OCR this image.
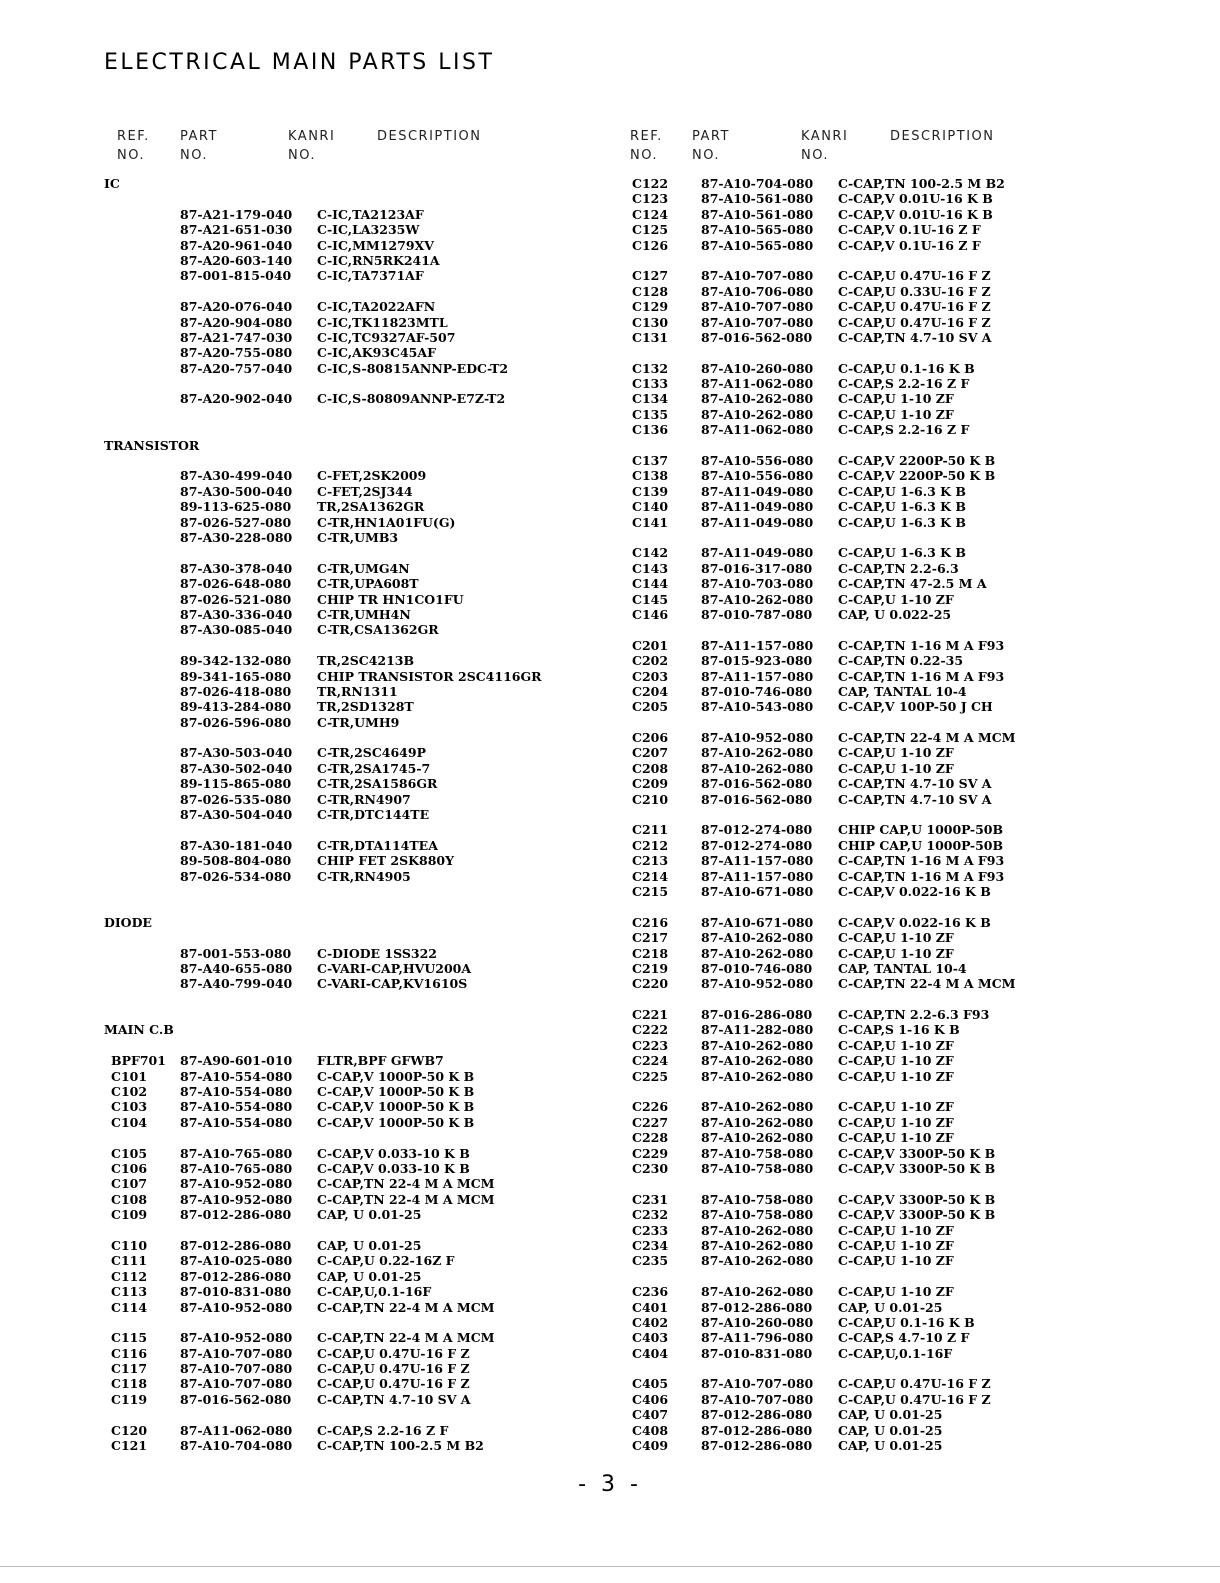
ELECTRICAL MAIN PARTS LIST
REF. PART	KANRI	DESCRIPTION
NO.	NO.	NO.
REF. PART	KANRI	DESCRIPTION
NO.	NO.	NO.
IC
87-A21-179-040 C-IC,TA2123AF
87-A21-651-030 C-IC,LA3235W
87-A20-961-040 C-IC,MM1279XV
87-A20-603-140 C-IC,RN5RK241A
87-001-815-040 C-IC,TA7371AF
87-A20-076-040 C-IC,TA2022AFN
87-A20-904-080 C-IC,TK11823MTL
87-A21-747-030 C-IC,TC9327AF-507
87-A20-755-080 C-IC,AK93C45AF
87-A20-757-040 C-IC,S-80815ANNP-EDC-T2
87-A20-902-040 C-IC,S-80809ANNP-E7Z-T2
TRANSISTOR
87-A30-499-040 C-FET,2SK2009
87-A30-500-040 C-FET,2SJ344
89-113-625-080 TR,2SA1362GR
87-026-527-080 C-TR,HN1A01FU(G)
87-A30-228-080 C-TR,UMB3
87-A30-378-040 C-TR,UMG4N
87-026-648-080 C-TR,UPA608T
87-026-521-080 CHIP TR HN1CO1FU
87-A30-336-040 C-TR,UMH4N
87-A30-085-040 C-TR,CSA1362GR
89-342-132-080 TR,2SC4213B
89-341-165-080 CHIP TRANSISTOR 2SC4116GR
87-026-418-080 TR,RN1311
89-413-284-080 TR,2SD1328T
87-026-596-080 C-TR,UMH9
87-A30-503-040 C-TR,2SC4649P
87-A30-502-040 C-TR,2SA1745-7
89-115-865-080 C-TR,2SA1586GR
87-026-535-080 C-TR,RN4907
87-A30-504-040 C-TR,DTC144TE
87-A30-181-040 C-TR,DTA114TEA
89-508-804-080 CHIP FET 2SK880Y
87-026-534-080 C-TR,RN4905
DIODE
87-001-553-080 C-DIODE 1SS322
87-A40-655-080 C-VARI-CAP,HVU200A
87-A40-799-040 C-VARI-CAP,KV1610S
MAIN C.B
BPF701 87-A90-601-010 FLTR,BPF GFWB7
C101	87-A10-554-080 C-CAP,V 1000P-50 K B
C102	87-A10-554-080 C-CAP,V 1000P-50 K B
C103	87-A10-554-080 C-CAP,V 1000P-50 K B
C104	87-A10-554-080 C-CAP,V 1000P-50 K B
C105	87-A10-765-080 C-CAP,V 0.033-10 K B
C106	87-A10-765-080 C-CAP,V 0.033-10 K B
C107	87-A10-952-080 C-CAP,TN 22-4 M A MCM
C108	87-A10-952-080 C-CAP,TN 22-4 M A MCM
C109	87-012-286-080 CAP, U 0.01-25
C110	87-012-286-080 CAP, U 0.01-25
C111	87-A10-025-080 C-CAP,U 0.22-16Z F
C112	87-012-286-080 CAP, U 0.01-25
C113	87-010-831-080 C-CAP,U,0.1-16F
C114	87-A10-952-080 C-CAP,TN 22-4 M A MCM
C115	87-A10-952-080 C-CAP,TN 22-4 M A MCM
C116	87-A10-707-080 C-CAP,U 0.47U-16 F Z
C117	87-A10-707-080 C-CAP,U 0.47U-16 F Z
C118	87-A10-707-080 C-CAP,U 0.47U-16 F Z
C119	87-016-562-080 C-CAP,TN 4.7-10 SV A
C120	87-A11-062-080 C-CAP,S 2.2-16 Z F
C121	87-A10-704-080 C-CAP,TN 100-2.5 M B2
C122	87-A10-704-080 C-CAP,TN 100-2.5 M B2
C123	87-A10-561-080 C-CAP,V 0.01U-16 K B
C124	87-A10-561-080 C-CAP,V 0.01U-16 K B
C125	87-A10-565-080 C-CAP,V 0.1U-16 Z F
C126	87-A10-565-080 C-CAP,V 0.1U-16 Z F
C127	87-A10-707-080 C-CAP,U 0.47U-16 F Z
C128	87-A10-706-080 C-CAP,U 0.33U-16 F Z
C129	87-A10-707-080 C-CAP,U 0.47U-16 F Z
C130	87-A10-707-080 C-CAP,U 0.47U-16 F Z
C131	87-016-562-080 C-CAP,TN 4.7-10 SV A
C132	87-A10-260-080 C-CAP,U 0.1-16 K B
C133	87-A11-062-080 C-CAP,S 2.2-16 Z F
C134	87-A10-262-080 C-CAP,U 1-10 ZF
C135	87-A10-262-080 C-CAP,U 1-10 ZF
C136	87-A11-062-080 C-CAP,S 2.2-16 Z F
C137	87-A10-556-080 C-CAP,V 2200P-50 K B
C138	87-A10-556-080 C-CAP,V 2200P-50 K B
C139	87-A11-049-080 C-CAP,U 1-6.3 K B
C140	87-A11-049-080 C-CAP,U 1-6.3 K B
C141	87-A11-049-080 C-CAP,U 1-6.3 K B
C142	87-A11-049-080 C-CAP,U 1-6.3 K B
C143	87-016-317-080 C-CAP,TN 2.2-6.3
C144	87-A10-703-080 C-CAP,TN 47-2.5 M A
C145	87-A10-262-080 C-CAP,U 1-10 ZF
C146	87-010-787-080 CAP, U 0.022-25
C201	87-A11-157-080 C-CAP,TN 1-16 M A F93
C202	87-015-923-080 C-CAP,TN 0.22-35
C203	87-A11-157-080 C-CAP,TN 1-16 M A F93
C204	87-010-746-080 CAP, TANTAL 10-4
C205	87-A10-543-080 C-CAP,V 100P-50 J CH
C206	87-A10-952-080 C-CAP,TN 22-4 M A MCM
C207	87-A10-262-080 C-CAP,U 1-10 ZF
C208	87-A10-262-080 C-CAP,U 1-10 ZF
C209	87-016-562-080 C-CAP,TN 4.7-10 SV A
C210	87-016-562-080 C-CAP,TN 4.7-10 SV A
C211	87-012-274-080 CHIP CAP,U 1000P-50B
C212	87-012-274-080 CHIP CAP,U 1000P-50B
C213	87-A11-157-080 C-CAP,TN 1-16 M A F93
C214	87-A11-157-080 C-CAP,TN 1-16 M A F93
C215	87-A10-671-080 C-CAP,V 0.022-16 K B
C216	87-A10-671-080 C-CAP,V 0.022-16 K B
C217	87-A10-262-080 C-CAP,U 1-10 ZF
C218	87-A10-262-080 C-CAP,U 1-10 ZF
C219	87-010-746-080 CAP, TANTAL 10-4
C220	87-A10-952-080 C-CAP,TN 22-4 M A MCM
C221	87-016-286-080 C-CAP,TN 2.2-6.3 F93
C222	87-A11-282-080 C-CAP,S 1-16 K B
C223	87-A10-262-080 C-CAP,U 1-10 ZF
C224	87-A10-262-080 C-CAP,U 1-10 ZF
C225	87-A10-262-080 C-CAP,U 1-10 ZF
C226	87-A10-262-080 C-CAP,U 1-10 ZF
C227	87-A10-262-080 C-CAP,U 1-10 ZF
C228	87-A10-262-080 C-CAP,U 1-10 ZF
C229	87-A10-758-080 C-CAP,V 3300P-50 K B
C230	87-A10-758-080 C-CAP,V 3300P-50 K B
C231	87-A10-758-080 C-CAP,V 3300P-50 K B
C232	87-A10-758-080 C-CAP,V 3300P-50 K B
C233	87-A10-262-080 C-CAP,U 1-10 ZF
C234	87-A10-262-080 C-CAP,U 1-10 ZF
C235	87-A10-262-080 C-CAP,U 1-10 ZF
C236	87-A10-262-080 C-CAP,U 1-10 ZF
C401	87-012-286-080 CAP, U 0.01-25
C402	87-A10-260-080 C-CAP,U 0.1-16 K B
C403	87-A11-796-080 C-CAP,S 4.7-10 Z F
C404	87-010-831-080 C-CAP,U,0.1-16F
C405	87-A10-707-080 C-CAP,U 0.47U-16 F Z
C406	87-A10-707-080 C-CAP,U 0.47U-16 F Z
C407	87-012-286-080 CAP, U 0.01-25
C408	87-012-286-080 CAP, U 0.01-25
C409	87-012-286-080 CAP, U 0.01-25
- 3 -
